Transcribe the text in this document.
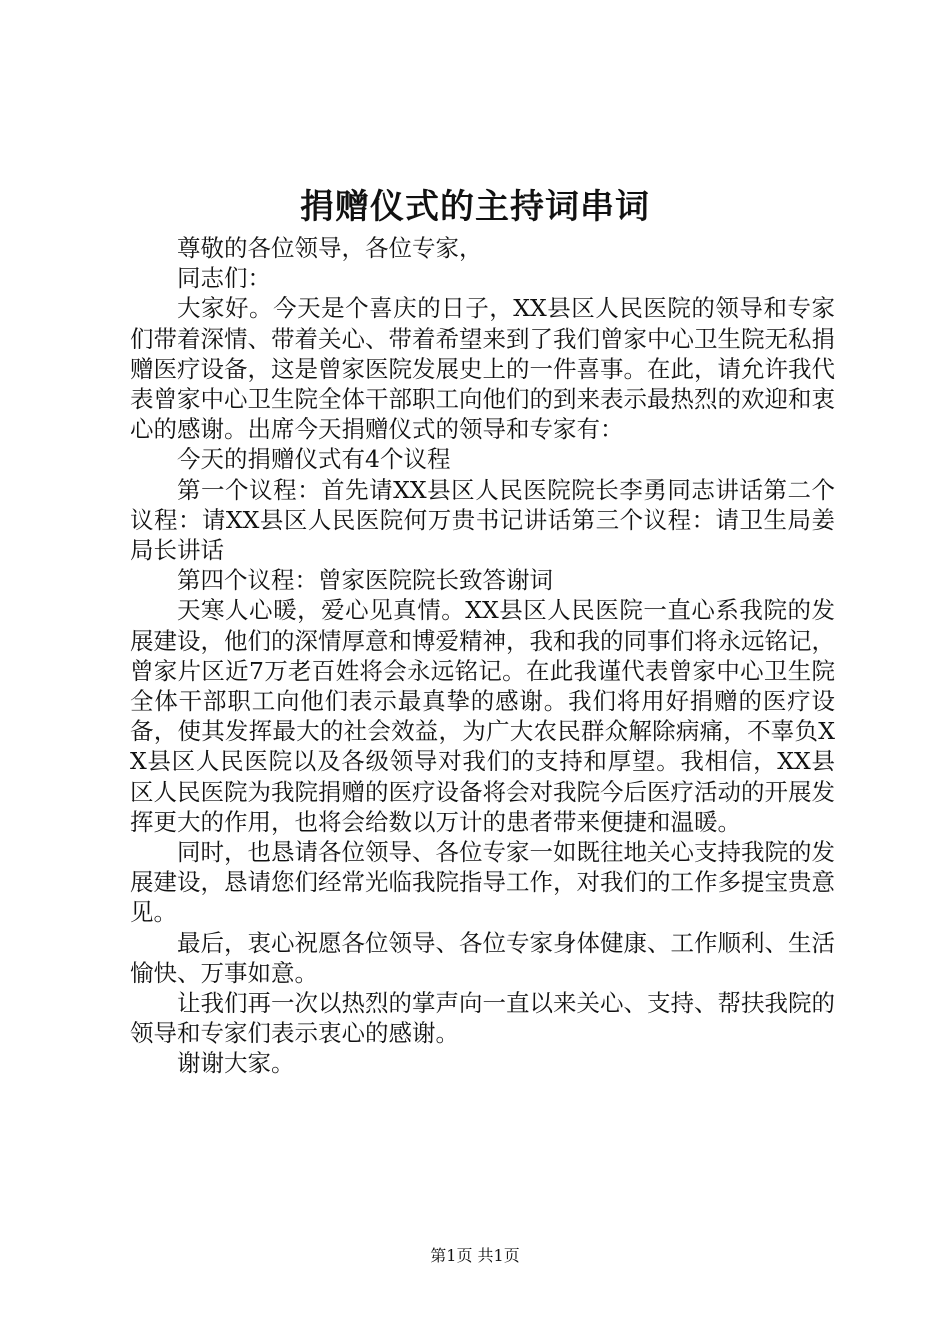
捐赠仪式的主持词串词

尊敬的各位领导，各位专家，

同志们：

大家好。今天是个喜庆的日子，XX县区人民医院的领导和专家们带着深情、带着关心、带着希望来到了我们曾家中心卫生院无私捐赠医疗设备，这是曾家医院发展史上的一件喜事。在此，请允许我代表曾家中心卫生院全体干部职工向他们的到来表示最热烈的欢迎和衷心的感谢。出席今天捐赠仪式的领导和专家有：

今天的捐赠仪式有4个议程

第一个议程：首先请XX县区人民医院院长李勇同志讲话第二个议程：请XX县区人民医院何万贵书记讲话第三个议程：请卫生局姜局长讲话

第四个议程：曾家医院院长致答谢词

天寒人心暖，爱心见真情。XX县区人民医院一直心系我院的发展建设，他们的深情厚意和博爱精神，我和我的同事们将永远铭记，曾家片区近7万老百姓将会永远铭记。在此我谨代表曾家中心卫生院全体干部职工向他们表示最真挚的感谢。我们将用好捐赠的医疗设备，使其发挥最大的社会效益，为广大农民群众解除病痛，不辜负XX县区人民医院以及各级领导对我们的支持和厚望。我相信，XX县区人民医院为我院捐赠的医疗设备将会对我院今后医疗活动的开展发挥更大的作用，也将会给数以万计的患者带来便捷和温暖。

同时，也恳请各位领导、各位专家一如既往地关心支持我院的发展建设，恳请您们经常光临我院指导工作，对我们的工作多提宝贵意见。

最后，衷心祝愿各位领导、各位专家身体健康、工作顺利、生活愉快、万事如意。

让我们再一次以热烈的掌声向一直以来关心、支持、帮扶我院的领导和专家们表示衷心的感谢。

谢谢大家。

第1页 共1页
